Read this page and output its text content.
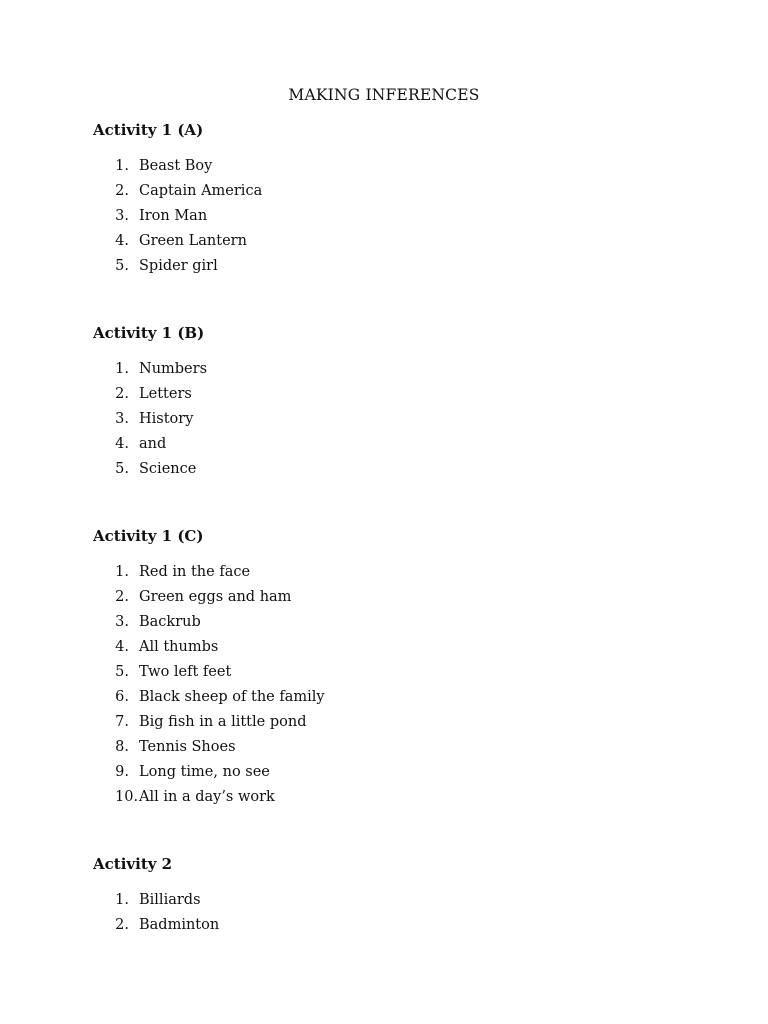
MAKING INFERENCES
Activity 1 (A)
1. Beast Boy
2. Captain America
3. Iron Man
4. Green Lantern
5. Spider girl
Activity 1 (B)
1. Numbers
2. Letters
3. History
4. and
5. Science
Activity 1 (C)
1. Red in the face
2. Green eggs and ham
3. Backrub
4. All thumbs
5. Two left feet
6. Black sheep of the family
7. Big fish in a little pond
8. Tennis Shoes
9. Long time, no see
10.All in a day’s work
Activity 2
1. Billiards
2. Badminton
